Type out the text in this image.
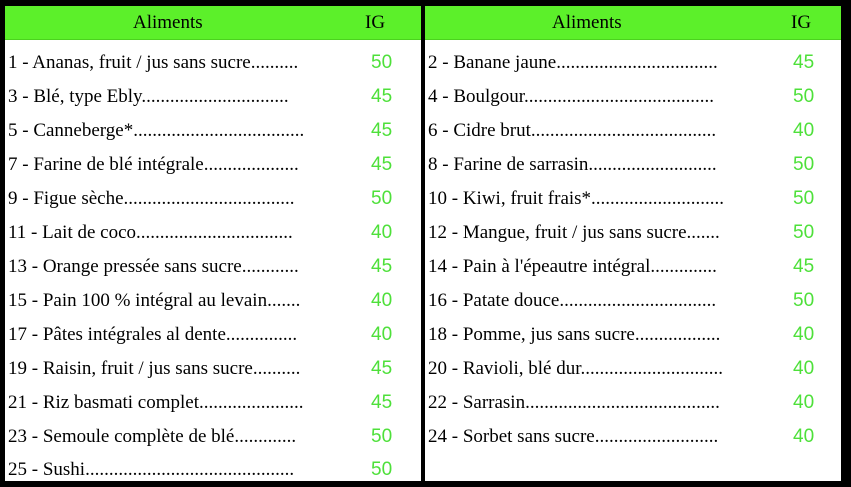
Aliments	IG
1 - Ananas, fruit / jus sans sucre..........	50
3 - Blé, type Ebly...............................	45
5 - Canneberge*....................................	45
7 - Farine de blé intégrale....................	45
9 - Figue sèche....................................	50
11 - Lait de coco.................................	40
13 - Orange pressée sans sucre............	45
15 - Pain 100 % intégral au levain.......	40
17 - Pâtes intégrales al dente...............	40
19 - Raisin, fruit / jus sans sucre..........	45
21 - Riz basmati complet......................	45
23 - Semoule complète de blé.............	50
25 - Sushi............................................	50
Aliments	IG
2 - Banane jaune..................................	45
4 - Boulgour........................................	50
6 - Cidre brut.......................................	40
8 - Farine de sarrasin...........................	50
10 - Kiwi, fruit frais*............................	50
12 - Mangue, fruit / jus sans sucre.......	50
14 - Pain à l'épeautre intégral..............	45
16 - Patate douce.................................	50
18 - Pomme, jus sans sucre..................	40
20 - Ravioli, blé dur..............................	40
22 - Sarrasin.........................................	40
24 - Sorbet sans sucre..........................	40
